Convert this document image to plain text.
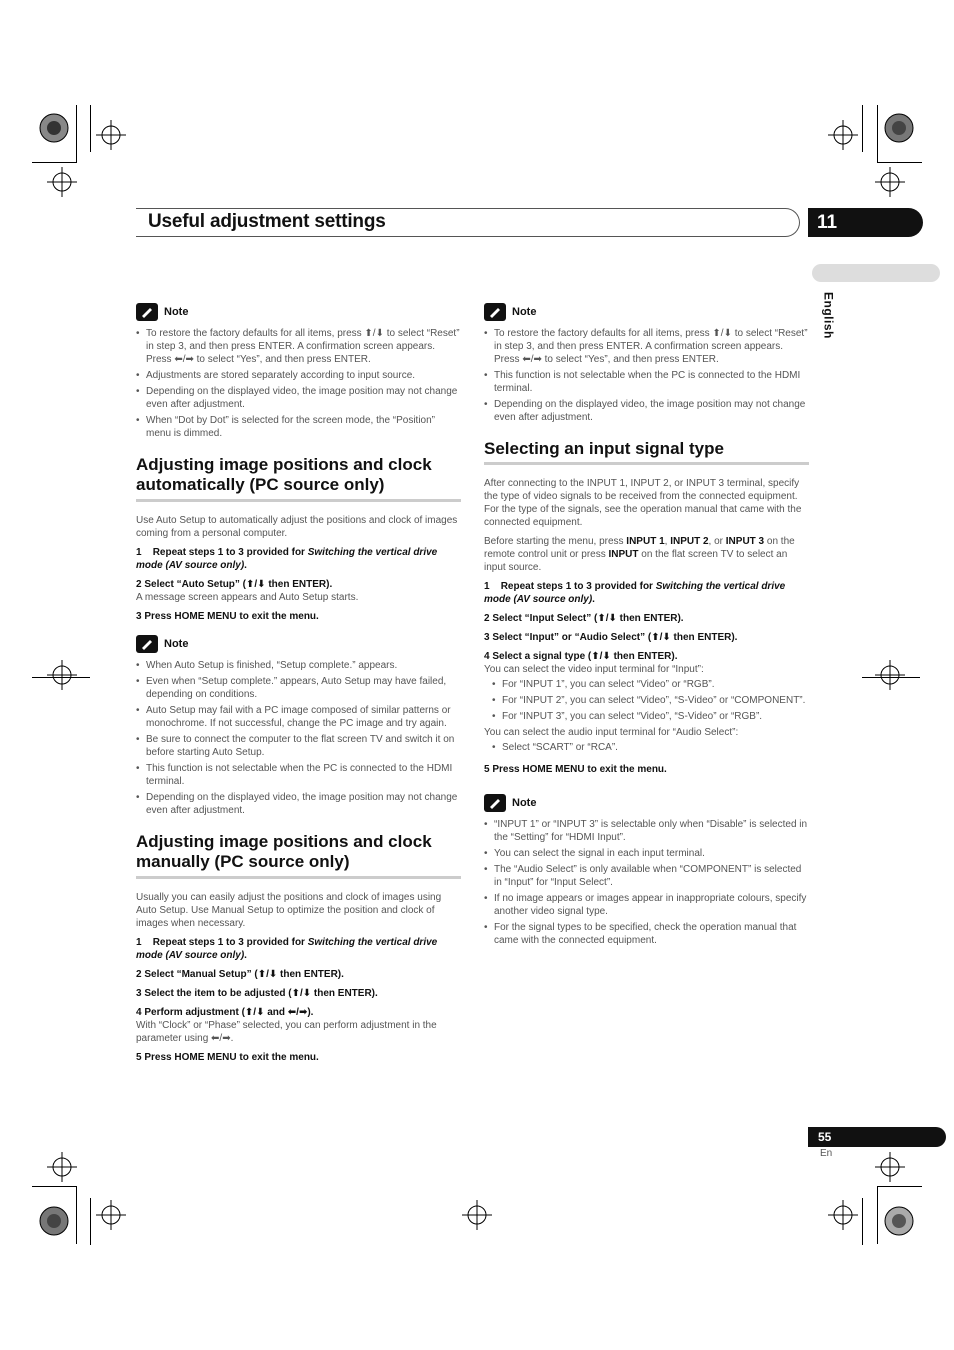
Useful adjustment settings	11
English
Note
• To restore the factory defaults for all items, press ⬆/⬇ to select “Reset” in step 3, and then press ENTER. A confirmation screen appears. Press ⬅/➡ to select “Yes”, and then press ENTER.
• Adjustments are stored separately according to input source.
• Depending on the displayed video, the image position may not change even after adjustment.
• When “Dot by Dot” is selected for the screen mode, the “Position” menu is dimmed.
Adjusting image positions and clock automatically (PC source only)

Use Auto Setup to automatically adjust the positions and clock of images coming from a personal computer.

1 Repeat steps 1 to 3 provided for Switching the vertical drive mode (AV source only).

2 Select “Auto Setup” (⬆/⬇ then ENTER).

A message screen appears and Auto Setup starts.

3 Press HOME MENU to exit the menu.

Note
• When Auto Setup is finished, “Setup complete.” appears.
• Even when “Setup complete.” appears, Auto Setup may have failed, depending on conditions.
• Auto Setup may fail with a PC image composed of similar patterns or monochrome. If not successful, change the PC image and try again.
• Be sure to connect the computer to the flat screen TV and switch it on before starting Auto Setup.
• This function is not selectable when the PC is connected to the HDMI terminal.
• Depending on the displayed video, the image position may not change even after adjustment.
Adjusting image positions and clock manually (PC source only)

Usually you can easily adjust the positions and clock of images using Auto Setup. Use Manual Setup to optimize the position and clock of images when necessary.

1 Repeat steps 1 to 3 provided for Switching the vertical drive mode (AV source only).

2 Select “Manual Setup” (⬆/⬇ then ENTER).

3 Select the item to be adjusted (⬆/⬇ then ENTER).

4 Perform adjustment (⬆/⬇ and ⬅/➡).

With “Clock” or “Phase” selected, you can perform adjustment in the parameter using ⬅/➡.

5 Press HOME MENU to exit the menu.

Note
• To restore the factory defaults for all items, press ⬆/⬇ to select “Reset” in step 3, and then press ENTER. A confirmation screen appears. Press ⬅/➡ to select “Yes”, and then press ENTER.
• This function is not selectable when the PC is connected to the HDMI terminal.
• Depending on the displayed video, the image position may not change even after adjustment.
Selecting an input signal type

After connecting to the INPUT 1, INPUT 2, or INPUT 3 terminal, specify the type of video signals to be received from the connected equipment. For the type of the signals, see the operation manual that came with the connected equipment.

Before starting the menu, press INPUT 1, INPUT 2, or INPUT 3 on the remote control unit or press INPUT on the flat screen TV to select an input source.

1 Repeat steps 1 to 3 provided for Switching the vertical drive mode (AV source only).

2 Select “Input Select” (⬆/⬇ then ENTER).

3 Select “Input” or “Audio Select” (⬆/⬇ then ENTER).

4 Select a signal type (⬆/⬇ then ENTER).

You can select the video input terminal for “Input”:

• For “INPUT 1”, you can select “Video” or “RGB”.
• For “INPUT 2”, you can select “Video”, “S-Video” or “COMPONENT”.
• For “INPUT 3”, you can select “Video”, “S-Video” or “RGB”.

You can select the audio input terminal for “Audio Select”:

• Select “SCART” or “RCA”.

5 Press HOME MENU to exit the menu.

Note
• “INPUT 1” or “INPUT 3” is selectable only when “Disable” is selected in the “Setting” for “HDMI Input”.
• You can select the signal in each input terminal.
• The “Audio Select” is only available when “COMPONENT” is selected in “Input” for “Input Select”.
• If no image appears or images appear in inappropriate colours, specify another video signal type.
• For the signal types to be specified, check the operation manual that came with the connected equipment.
55
En
